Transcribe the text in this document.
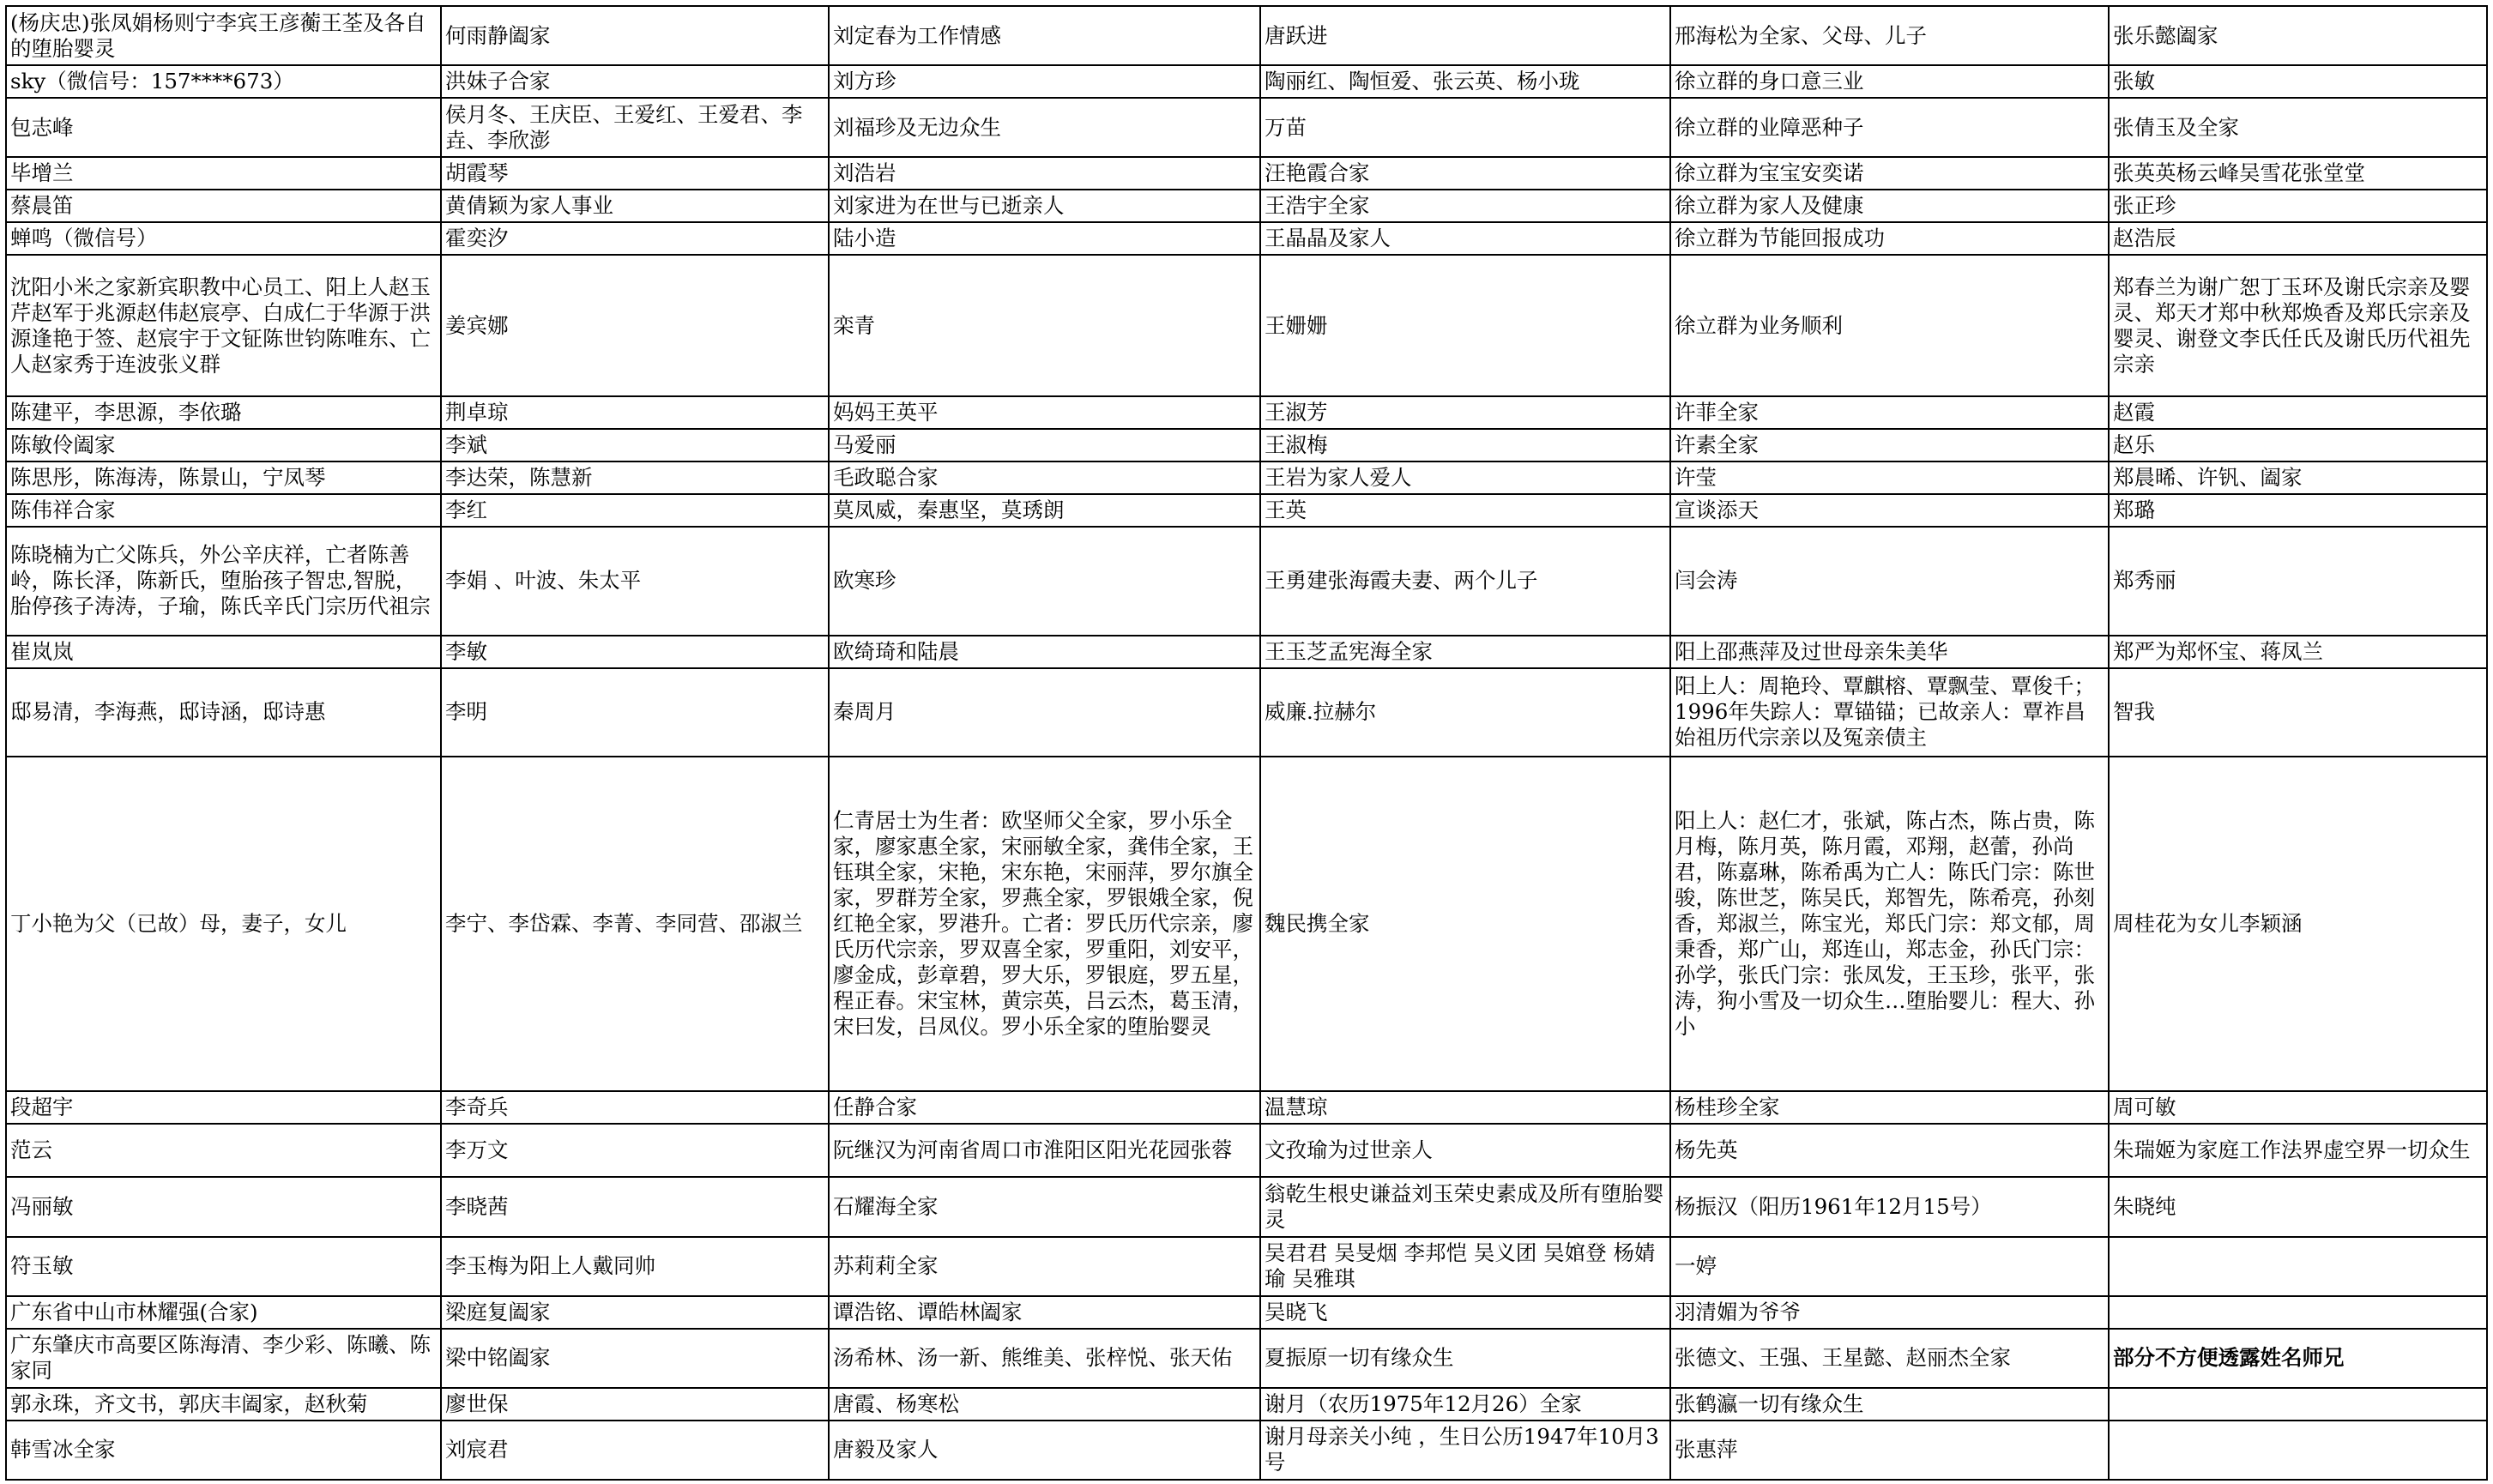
(杨庆忠)张凤娟杨则宁李宾王彦蘅王荃及各自的堕胎婴灵	何雨静阖家	刘定春为工作情感	唐跃进	邢海松为全家、父母、儿子	张乐懿阖家
sky（微信号：157****673）	洪妹子合家	刘方珍	陶丽红、陶恒爱、张云英、杨小珑	徐立群的身口意三业	张敏
包志峰	侯月冬、王庆臣、王爱红、王爱君、李垚、李欣澎	刘福珍及无边众生	万苗	徐立群的业障恶种子	张倩玉及全家
毕增兰	胡霞琴	刘浩岩	汪艳霞合家	徐立群为宝宝安奕诺	张英英杨云峰吴雪花张堂堂
蔡晨笛	黄倩颖为家人事业	刘家进为在世与已逝亲人	王浩宇全家	徐立群为家人及健康	张正珍
蝉鸣（微信号）	霍奕汐	陆小造	王晶晶及家人	徐立群为节能回报成功	赵浩辰
沈阳小米之家新宾职教中心员工、阳上人赵玉芹赵军于兆源赵伟赵宸亭、白成仁于华源于洪源逢艳于签、赵宸宇于文钲陈世钧陈唯东、亡人赵家秀于连波张义群	姜宾娜	栾青	王姗姗	徐立群为业务顺利	郑春兰为谢广恕丁玉环及谢氏宗亲及婴灵、郑天才郑中秋郑焕香及郑氏宗亲及婴灵、谢登文李氏任氏及谢氏历代祖先宗亲
陈建平，李思源，李依璐	荆卓琼	妈妈王英平	王淑芳	许菲全家	赵霞
陈敏伶阖家	李斌	马爱丽	王淑梅	许素全家	赵乐
陈思彤，陈海涛，陈景山，宁凤琴	李达荣，陈慧新	毛政聪合家	王岩为家人爱人	许莹	郑晨晞、许钒、阖家
陈伟祥合家	李红	莫凤威，秦惠坚，莫琇朗	王英	宣谈添天	郑璐
陈晓楠为亡父陈兵，外公辛庆祥，亡者陈善岭，陈长泽，陈新氏，堕胎孩子智忠,智脱，胎停孩子涛涛，子瑜，陈氏辛氏门宗历代祖宗	李娟 、叶波、朱太平	欧寒珍	王勇建张海霞夫妻、两个儿子	闫会涛	郑秀丽
崔岚岚	李敏	欧绮琦和陆晨	王玉芝孟宪海全家	阳上邵燕萍及过世母亲朱美华	郑严为郑怀宝、蒋凤兰
邸易清，李海燕，邸诗涵，邸诗惠	李明	秦周月	威廉.拉赫尔	阳上人：周艳玲、覃麒榕、覃飘莹、覃俊千；1996年失踪人：覃锚锚；已故亲人：覃祚昌始祖历代宗亲以及冤亲债主	智我
丁小艳为父（已故）母，妻子，女儿	李宁、李岱霖、李菁、李同营、邵淑兰	仁青居士为生者：欧坚师父全家，罗小乐全家，廖家惠全家，宋丽敏全家，龚伟全家，王钰琪全家，宋艳，宋东艳，宋丽萍，罗尔旗全家，罗群芳全家，罗燕全家，罗银娥全家，倪红艳全家，罗港升。亡者：罗氏历代宗亲，廖氏历代宗亲，罗双喜全家，罗重阳，刘安平，廖金成，彭章碧，罗大乐，罗银庭，罗五星，程正春。宋宝林，黄宗英，吕云杰，葛玉清，宋曰发，吕凤仪。罗小乐全家的堕胎婴灵	魏民携全家	阳上人：赵仁才，张斌，陈占杰，陈占贵，陈月梅，陈月英，陈月霞，邓翔，赵蕾，孙尚君，陈嘉琳，陈希禹为亡人：陈氏门宗：陈世骏，陈世芝，陈吴氏，郑智先，陈希亮，孙刻香，郑淑兰，陈宝光，郑氏门宗：郑文郁，周秉香，郑广山，郑连山，郑志金，孙氏门宗：孙学，张氏门宗：张凤发，王玉珍，张平，张涛，狗小雪及一切众生…堕胎婴儿：程大、孙小	周桂花为女儿李颖涵
段超宇	李奇兵	任静合家	温慧琼	杨桂珍全家	周可敏
范云	李万文	阮继汉为河南省周口市淮阳区阳光花园张蓉	文孜瑜为过世亲人	杨先英	朱瑞姬为家庭工作法界虚空界一切众生
冯丽敏	李晓茜	石耀海全家	翁乾生根史谦益刘玉荣史素成及所有堕胎婴灵	杨振汉（阳历1961年12月15号）	朱晓纯
符玉敏	李玉梅为阳上人戴同帅	苏莉莉全家	吴君君 吴旻烟 李邦恺 吴义团 吴婠登 杨婧瑜 吴雅琪	一婷	
广东省中山市林耀强(合家)	梁庭复阖家	谭浩铭、谭皓林阖家	吴晓飞	羽清媚为爷爷	
广东肇庆市高要区陈海清、李少彩、陈曦、陈家同	梁中铭阖家	汤希林、汤一新、熊维美、张梓悦、张天佑	夏振原一切有缘众生	张德文、王强、王星懿、赵丽杰全家	部分不方便透露姓名师兄
郭永珠，齐文书，郭庆丰阖家，赵秋菊	廖世保	唐霞、杨寒松	谢月（农历1975年12月26）全家	张鹤瀛一切有缘众生	
韩雪冰全家	刘宸君	唐毅及家人	谢月母亲关小纯 ，生日公历1947年10月3号	张惠萍	
